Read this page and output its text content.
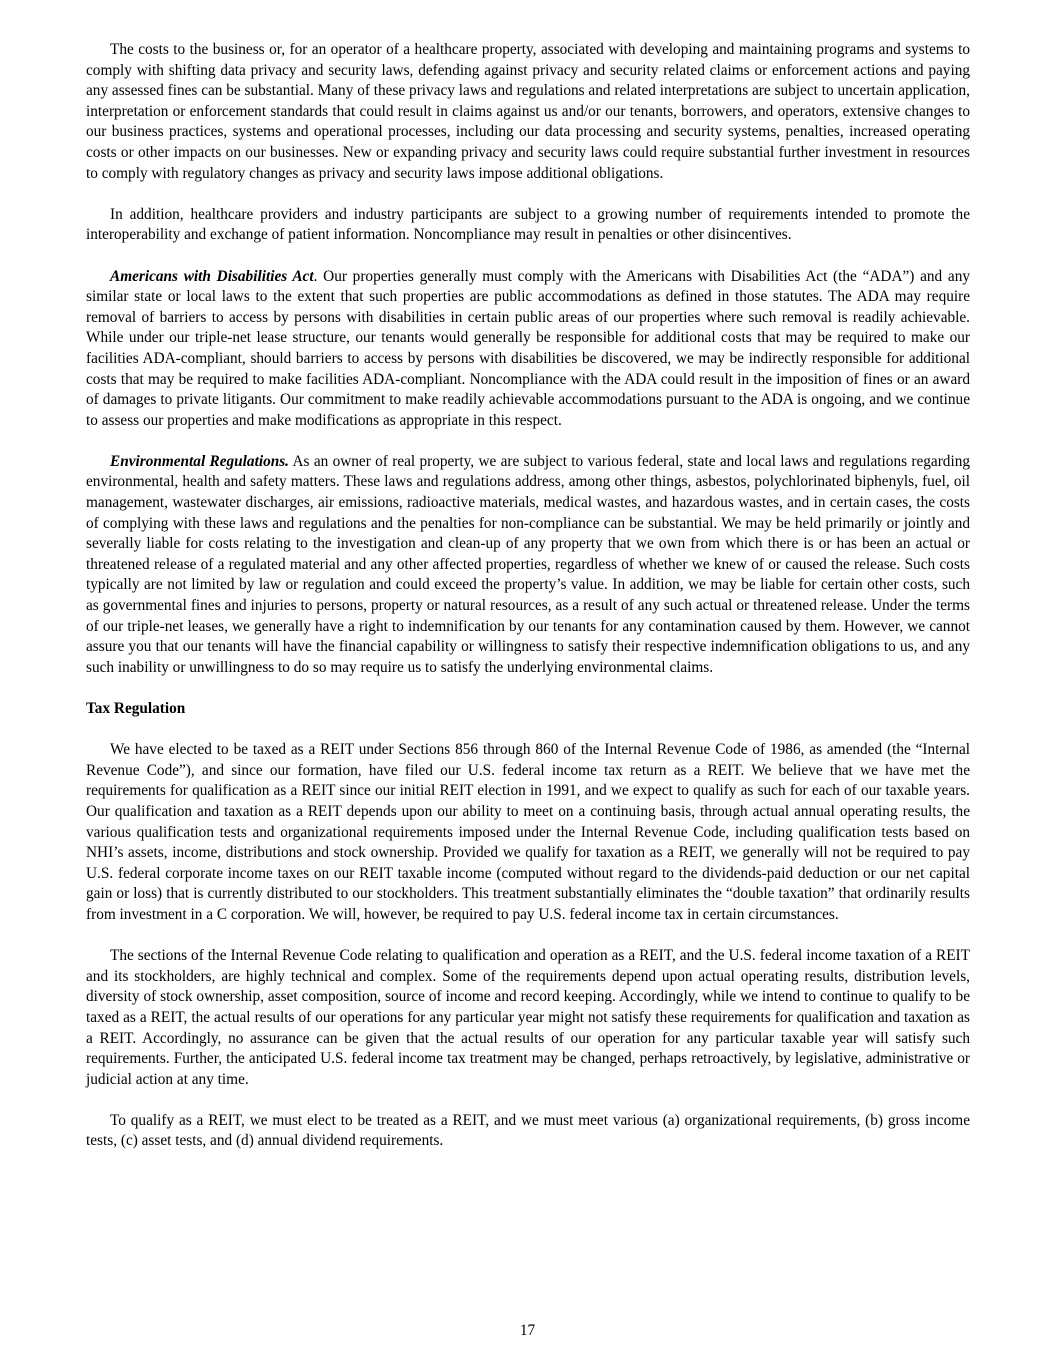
The costs to the business or, for an operator of a healthcare property, associated with developing and maintaining programs and systems to comply with shifting data privacy and security laws, defending against privacy and security related claims or enforcement actions and paying any assessed fines can be substantial. Many of these privacy laws and regulations and related interpretations are subject to uncertain application, interpretation or enforcement standards that could result in claims against us and/or our tenants, borrowers, and operators, extensive changes to our business practices, systems and operational processes, including our data processing and security systems, penalties, increased operating costs or other impacts on our businesses. New or expanding privacy and security laws could require substantial further investment in resources to comply with regulatory changes as privacy and security laws impose additional obligations.

In addition, healthcare providers and industry participants are subject to a growing number of requirements intended to promote the interoperability and exchange of patient information. Noncompliance may result in penalties or other disincentives.

Americans with Disabilities Act. Our properties generally must comply with the Americans with Disabilities Act (the “ADA”) and any similar state or local laws to the extent that such properties are public accommodations as defined in those statutes. The ADA may require removal of barriers to access by persons with disabilities in certain public areas of our properties where such removal is readily achievable. While under our triple-net lease structure, our tenants would generally be responsible for additional costs that may be required to make our facilities ADA-compliant, should barriers to access by persons with disabilities be discovered, we may be indirectly responsible for additional costs that may be required to make facilities ADA-compliant. Noncompliance with the ADA could result in the imposition of fines or an award of damages to private litigants. Our commitment to make readily achievable accommodations pursuant to the ADA is ongoing, and we continue to assess our properties and make modifications as appropriate in this respect.

Environmental Regulations. As an owner of real property, we are subject to various federal, state and local laws and regulations regarding environmental, health and safety matters. These laws and regulations address, among other things, asbestos, polychlorinated biphenyls, fuel, oil management, wastewater discharges, air emissions, radioactive materials, medical wastes, and hazardous wastes, and in certain cases, the costs of complying with these laws and regulations and the penalties for non-compliance can be substantial. We may be held primarily or jointly and severally liable for costs relating to the investigation and clean-up of any property that we own from which there is or has been an actual or threatened release of a regulated material and any other affected properties, regardless of whether we knew of or caused the release. Such costs typically are not limited by law or regulation and could exceed the property’s value. In addition, we may be liable for certain other costs, such as governmental fines and injuries to persons, property or natural resources, as a result of any such actual or threatened release. Under the terms of our triple-net leases, we generally have a right to indemnification by our tenants for any contamination caused by them. However, we cannot assure you that our tenants will have the financial capability or willingness to satisfy their respective indemnification obligations to us, and any such inability or unwillingness to do so may require us to satisfy the underlying environmental claims.

Tax Regulation

We have elected to be taxed as a REIT under Sections 856 through 860 of the Internal Revenue Code of 1986, as amended (the “Internal Revenue Code”), and since our formation, have filed our U.S. federal income tax return as a REIT. We believe that we have met the requirements for qualification as a REIT since our initial REIT election in 1991, and we expect to qualify as such for each of our taxable years. Our qualification and taxation as a REIT depends upon our ability to meet on a continuing basis, through actual annual operating results, the various qualification tests and organizational requirements imposed under the Internal Revenue Code, including qualification tests based on NHI’s assets, income, distributions and stock ownership. Provided we qualify for taxation as a REIT, we generally will not be required to pay U.S. federal corporate income taxes on our REIT taxable income (computed without regard to the dividends-paid deduction or our net capital gain or loss) that is currently distributed to our stockholders. This treatment substantially eliminates the “double taxation” that ordinarily results from investment in a C corporation. We will, however, be required to pay U.S. federal income tax in certain circumstances.

The sections of the Internal Revenue Code relating to qualification and operation as a REIT, and the U.S. federal income taxation of a REIT and its stockholders, are highly technical and complex. Some of the requirements depend upon actual operating results, distribution levels, diversity of stock ownership, asset composition, source of income and record keeping. Accordingly, while we intend to continue to qualify to be taxed as a REIT, the actual results of our operations for any particular year might not satisfy these requirements for qualification and taxation as a REIT. Accordingly, no assurance can be given that the actual results of our operation for any particular taxable year will satisfy such requirements. Further, the anticipated U.S. federal income tax treatment may be changed, perhaps retroactively, by legislative, administrative or judicial action at any time.

To qualify as a REIT, we must elect to be treated as a REIT, and we must meet various (a) organizational requirements, (b) gross income tests, (c) asset tests, and (d) annual dividend requirements.

17
